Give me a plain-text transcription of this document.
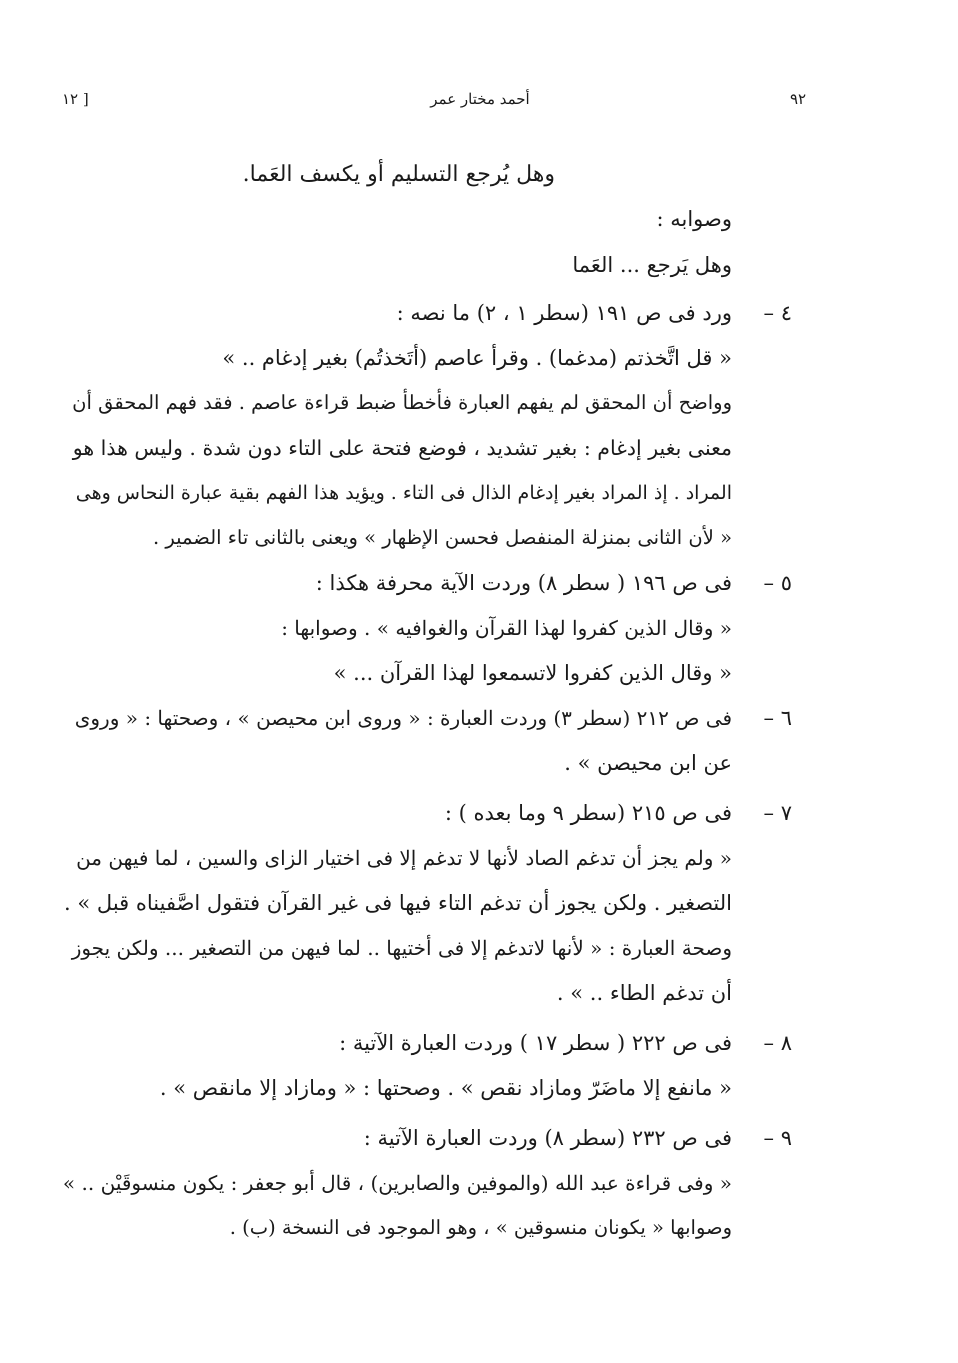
٩٢
أحمد مختار عمر
[ ١٢
وهل يُرجع التسليم أو يكسف العَما.
وصوابه :
وهل يَرجع ... العَما
٤ –
ورد فى ص ١٩١ (سطر ١ ، ٢) ما نصه :
« قل اتَّخذتم (مدغما) . وقرأ عاصم (أتَخذتُم) بغير إدغام .. »
وواضح أن المحقق لم يفهم العبارة فأخطأ ضبط قراءة عاصم . فقد فهم المحقق أن
معنى بغير إدغام : بغير تشديد ، فوضع فتحة على التاء دون شدة . وليس هذا هو
المراد . إذ المراد بغير إدغام الذال فى التاء . ويؤيد هذا الفهم بقية عبارة النحاس وهى
« لأن الثانى بمنزلة المنفصل فحسن الإظهار » ويعنى بالثانى تاء الضمير .
٥ –
فى ص ١٩٦ ( سطر ٨) وردت الآية محرفة هكذا :
« وقال الذين كفروا لهذا القرآن والغوافيه » . وصوابها :
« وقال الذين كفروا لاتسمعوا لهذا القرآن ... »
٦ –
فى ص ٢١٢ (سطر ٣) وردت العبارة : « وروى ابن محيصن » ، وصحتها : « وروى
عن ابن محيصن » .
٧ –
فى ص ٢١٥ (سطر ٩ وما بعده ) :
« ولم يجز أن تدغم الصاد لأنها لا تدغم إلا فى اختيار الزاى والسين ، لما فيهن من
التصغير . ولكن يجوز أن تدغم التاء فيها فى غير القرآن فتقول اصَّفيناه قبل » .
وصحة العبارة : « لأنها لاتدغم إلا فى أختيها .. لما فيهن من التصغير ... ولكن يجوز
أن تدغم الطاء .. » .
٨ –
فى ص ٢٢٢ ( سطر ١٧ ) وردت العبارة الآتية :
« مانفع إلا ماضَرّ ومازاد نقص » . وصحتها : « ومازاد إلا مانقص » .
٩ –
فى ص ٢٣٢ (سطر ٨) وردت العبارة الآتية :
« وفى قراءة عبد الله (والموفين والصابرين) ، قال أبو جعفر : يكون منسوقَيْن .. »
وصوابها « يكونان منسوقين » ، وهو الموجود فى النسخة (ب) .
